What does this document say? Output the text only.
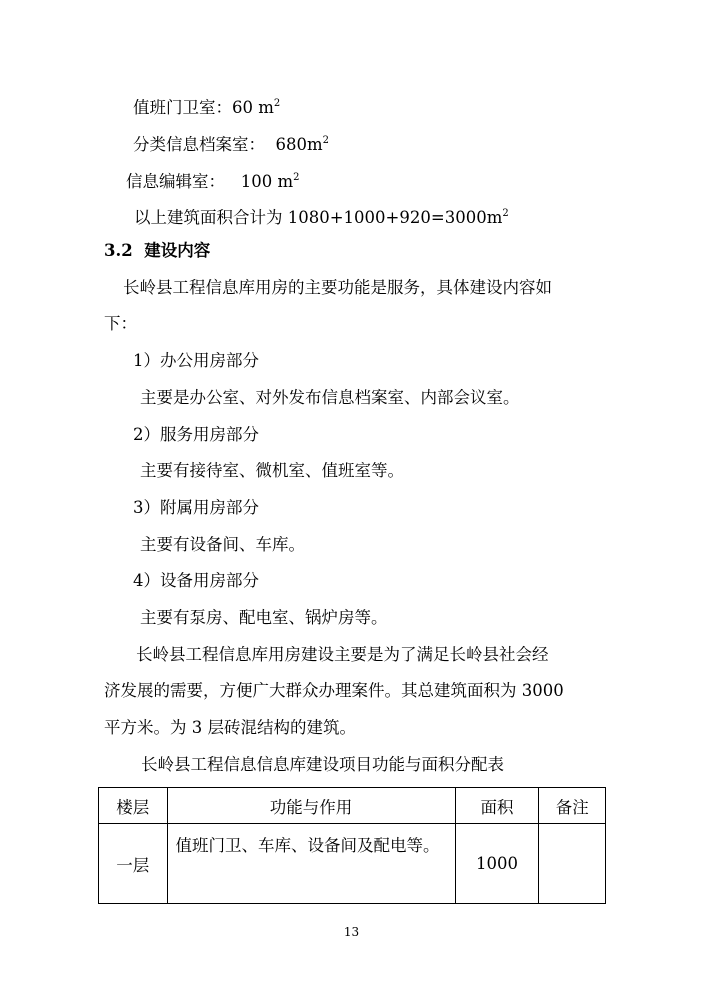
值班门卫室：60 $m^2$
分类信息档案室： $680m^2$
信息编辑室： 100 $m^2$
以上建筑面积合计为 $1080+1000+920=3000m^2$
3.2 建设内容
长岭县工程信息库用房的主要功能是服务，具体建设内容如
下：
1）办公用房部分
主要是办公室、对外发布信息档案室、内部会议室。
2）服务用房部分
主要有接待室、微机室、值班室等。
3）附属用房部分
主要有设备间、车库。
4）设备用房部分
主要有泵房、配电室、锅炉房等。
长岭县工程信息库用房建设主要是为了满足长岭县社会经
济发展的需要，方便广大群众办理案件。其总建筑面积为 3000
平方米。为 3 层砖混结构的建筑。
长岭县工程信息信息库建设项目功能与面积分配表
楼层	功能与作用	面积	备注
一层	值班门卫、车库、设备间及配电等。	1000	
13
